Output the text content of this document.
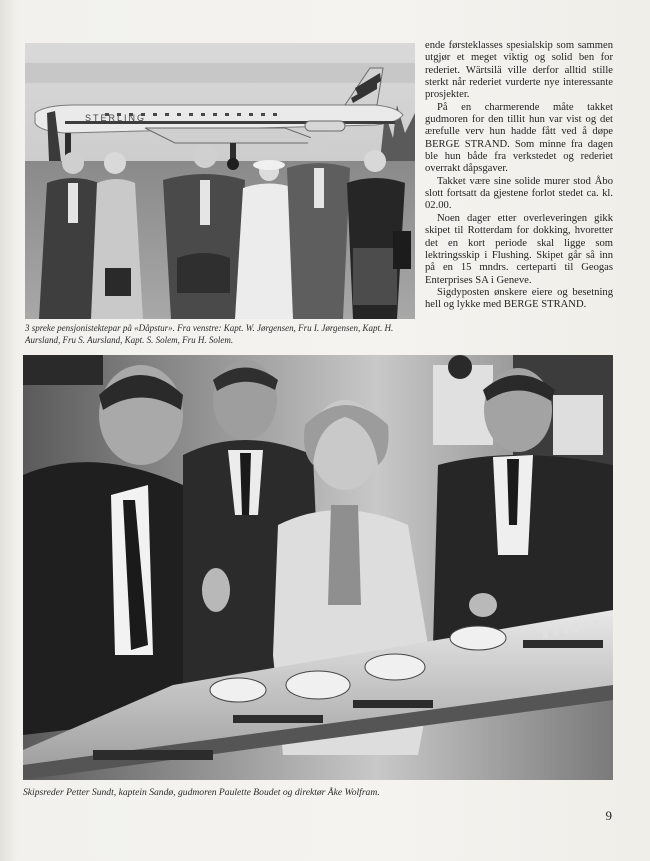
STERLING
3 spreke pensjonistektepar på «Dåpstur». Fra venstre: Kapt. W. Jørgensen, Fru I. Jørgensen, Kapt. H. Aursland, Fru S. Aursland, Kapt. S. Solem, Fru H. Solem.

ende førsteklasses spesialskip som sammen utgjør et meget viktig og solid ben for rederiet. Wärtsilä ville derfor alltid stille sterkt når rederiet vurderte nye interessante prosjekter.

På en charmerende måte takket gudmoren for den tillit hun var vist og det ærefulle verv hun hadde fått ved å døpe BERGE STRAND. Som minne fra dagen ble hun både fra verkstedet og rederiet overrakt dåpsgaver.

Takket være sine solide murer stod Åbo slott fortsatt da gjestene forlot stedet ca. kl. 02.00.

Noen dager etter overleveringen gikk skipet til Rotterdam for dokking, hvoretter det en kort periode skal ligge som lektringsskip i Flushing. Skipet går så inn på en 15 mndrs. certeparti til Geogas Enterprises SA i Geneve.

Sigdyposten ønskere eiere og besetning hell og lykke med BERGE STRAND.

Skipsreder Petter Sundt, kaptein Sandø, gudmoren Paulette Boudet og direktør Åke Wolfram.
9
